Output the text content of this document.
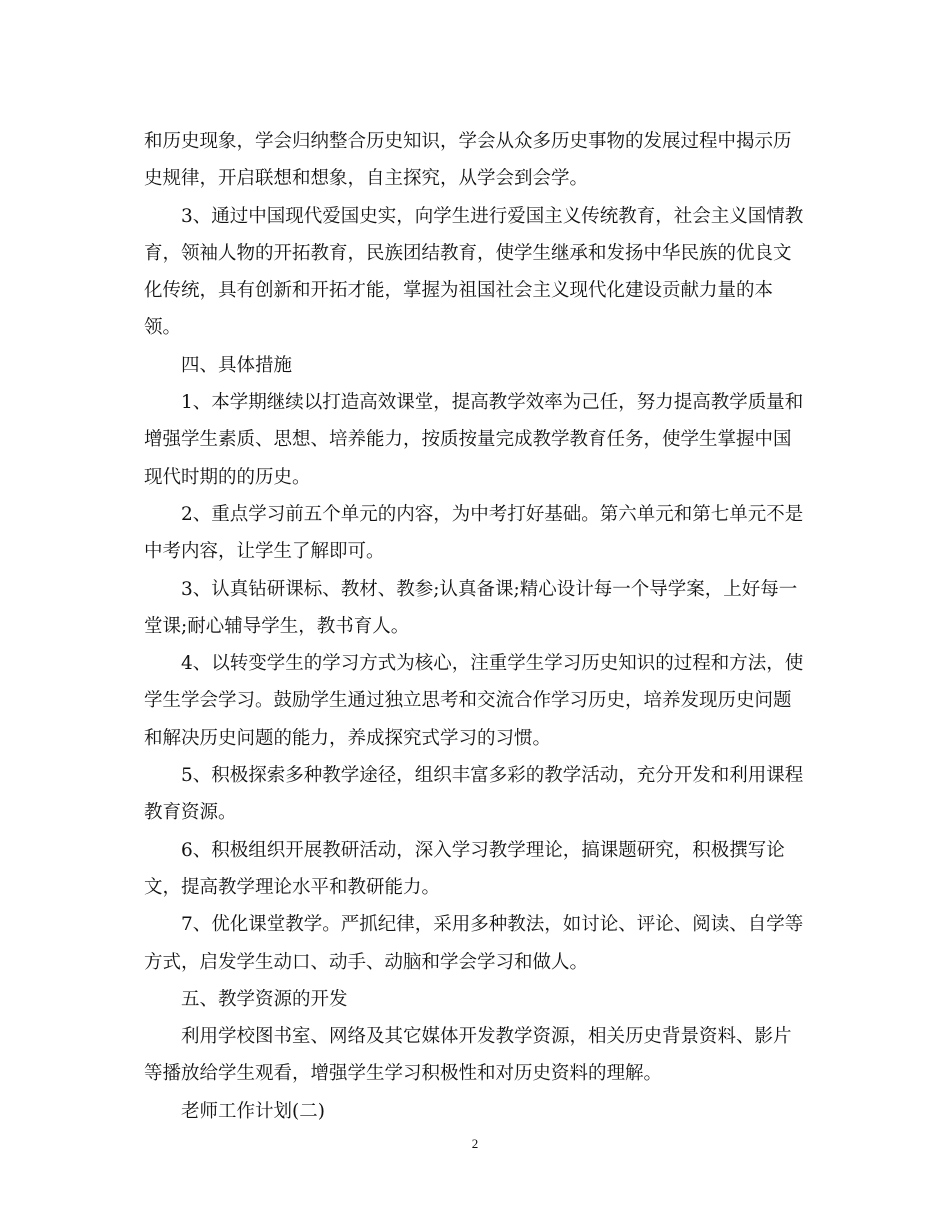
和历史现象，学会归纳整合历史知识，学会从众多历史事物的发展过程中揭示历
史规律，开启联想和想象，自主探究，从学会到会学。
3、通过中国现代爱国史实，向学生进行爱国主义传统教育，社会主义国情教
育，领袖人物的开拓教育，民族团结教育，使学生继承和发扬中华民族的优良文
化传统，具有创新和开拓才能，掌握为祖国社会主义现代化建设贡献力量的本
领。
四、具体措施
1、本学期继续以打造高效课堂，提高教学效率为己任，努力提高教学质量和
增强学生素质、思想、培养能力，按质按量完成教学教育任务，使学生掌握中国
现代时期的的历史。
2、重点学习前五个单元的内容，为中考打好基础。第六单元和第七单元不是
中考内容，让学生了解即可。
3、认真钻研课标、教材、教参;认真备课;精心设计每一个导学案，上好每一
堂课;耐心辅导学生，教书育人。
4、以转变学生的学习方式为核心，注重学生学习历史知识的过程和方法，使
学生学会学习。鼓励学生通过独立思考和交流合作学习历史，培养发现历史问题
和解决历史问题的能力，养成探究式学习的习惯。
5、积极探索多种教学途径，组织丰富多彩的教学活动，充分开发和利用课程
教育资源。
6、积极组织开展教研活动，深入学习教学理论，搞课题研究，积极撰写论
文，提高教学理论水平和教研能力。
7、优化课堂教学。严抓纪律，采用多种教法，如讨论、评论、阅读、自学等
方式，启发学生动口、动手、动脑和学会学习和做人。
五、教学资源的开发
利用学校图书室、网络及其它媒体开发教学资源，相关历史背景资料、影片
等播放给学生观看，增强学生学习积极性和对历史资料的理解。
老师工作计划(二)
2
